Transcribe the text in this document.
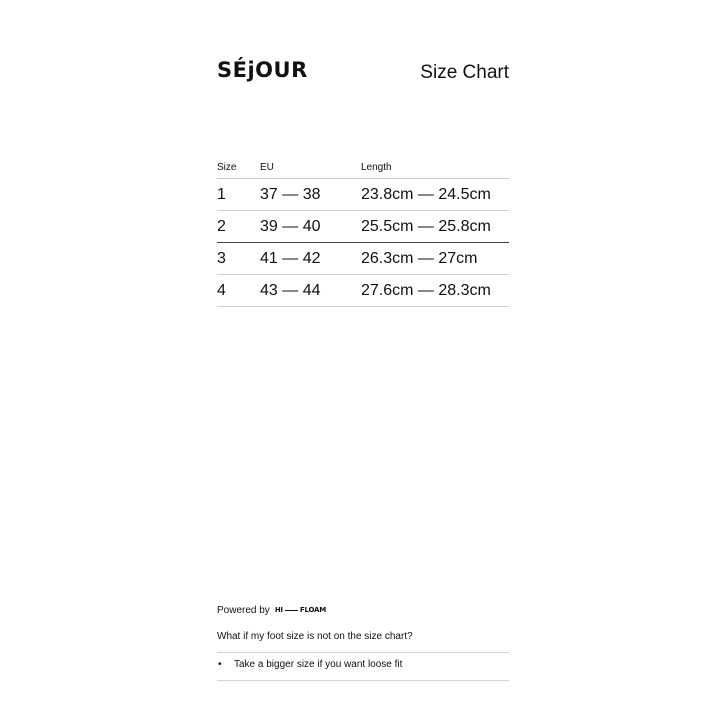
SÉjOUR	Size Chart
Size	EU	Length
1	37 — 38	23.8cm — 24.5cm
2	39 — 40	25.5cm — 25.8cm
3	41 — 42	26.3cm — 27cm
4	43 — 44	27.6cm — 28.3cm
Powered by HI FLOAM
What if my foot size is not on the size chart?
•	Take a bigger size if you want loose fit
